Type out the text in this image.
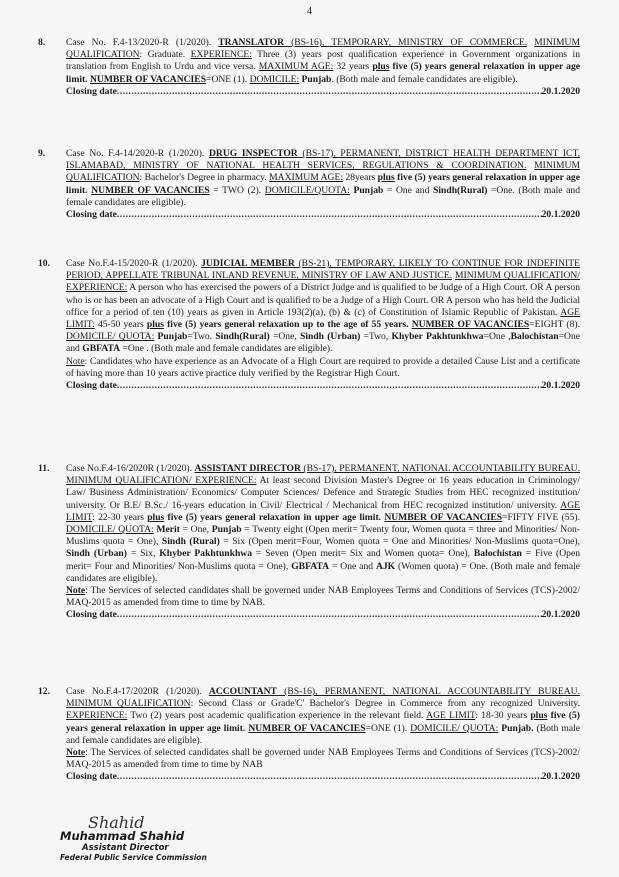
4
8. Case No. F.4-13/2020-R (1/2020). TRANSLATOR (BS-16), TEMPORARY, MINISTRY OF COMMERCE. MINIMUM QUALIFICATION: Graduate. EXPERIENCE: Three (3) years post qualification experience in Government organizations in translation from English to Urdu and vice versa. MAXIMUM AGE: 32 years plus five (5) years general relaxation in upper age limit. NUMBER OF VACANCIES=ONE (1). DOMICILE: Punjab. (Both male and female candidates are eligible).

Closing date .....	20.1.2020
9. Case No. F.4-14/2020-R (1/2020). DRUG INSPECTOR (BS-17), PERMANENT, DISTRICT HEALTH DEPARTMENT ICT, ISLAMABAD, MINISTRY OF NATIONAL HEALTH SERVICES, REGULATIONS & COORDINATION. MINIMUM QUALIFICATION: Bachelor's Degree in pharmacy. MAXIMUM AGE: 28years plus five (5) years general relaxation in upper age limit. NUMBER OF VACANCIES = TWO (2). DOMICILE/QUOTA: Punjab = One and Sindh(Rural) =One. (Both male and female candidates are eligible).

Closing date .....	20.1.2020
10. Case No.F.4-15/2020-R (1/2020). JUDICIAL MEMBER (BS-21), TEMPORARY, LIKELY TO CONTINUE FOR INDEFINITE PERIOD, APPELLATE TRIBUNAL INLAND REVENUE, MINISTRY OF LAW AND JUSTICE. MINIMUM QUALIFICATION/ EXPERIENCE: A person who has exercised the powers of a District Judge and is qualified to be Judge of a High Court. OR A person who is or has been an advocate of a High Court and is qualified to be a Judge of a High Court. OR A person who has held the Judicial office for a period of ten (10) years as given in Article 193(2)(a), (b) & (c) of Constitution of Islamic Republic of Pakistan. AGE LIMIT: 45-50 years plus five (5) years general relaxation up to the age of 55 years. NUMBER OF VACANCIES=EIGHT (8). DOMICILE/ QUOTA: Punjab=Two. Sindh(Rural) =One, Sindh (Urban) =Two, Khyber Pakhtunkhwa=One ,Balochistan=One and GBFATA =One . (Both male and female candidates are eligible).

Note: Candidates who have experience as an Advocate of a High Court are required to provide a detailed Cause List and a certificate of having more than 10 years active practice duly verified by the Registrar High Court.

Closing date .....	20.1.2020
11. Case No.F.4-16/2020R (1/2020). ASSISTANT DIRECTOR (BS-17), PERMANENT, NATIONAL ACCOUNTABILITY BUREAU. MINIMUM QUALIFICATION/ EXPERIENCE: At least second Division Master's Degree or 16 years education in Criminology/ Law/ Business Administration/ Economics/ Computer Sciences/ Defence and Strategic Studies from HEC recognized institution/ university. Or B.E/ B.Sc./ 16-years education in Civil/ Electrical / Mechanical from HEC recognized institution/ university. AGE LIMIT: 22-30 years plus five (5) years general relaxation in upper age limit. NUMBER OF VACANCIES=FIFTY FIVE (55). DOMICILE/ QUOTA: Merit = One, Punjab = Twenty eight (Open merit= Twenty four, Women quota = three and Minorities/ Non-Muslims quota = One), Sindh (Rural) = Six (Open merit=Four, Women quota = One and Minorities/ Non-Muslims quota=One), Sindh (Urban) = Six, Khyber Pakhtunkhwa = Seven (Open merit= Six and Women quota= One), Balochistan = Five (Open merit= Four and Minorities/ Non-Muslims quota = One), GBFATA = One and AJK (Women quota) = One. (Both male and female candidates are eligible).

Note: The Services of selected candidates shall be governed under NAB Employees Terms and Conditions of Services (TCS)-2002/ MAQ-2015 as amended from time to time by NAB.

Closing date .....	20.1.2020
12. Case No.F.4-17/2020R (1/2020). ACCOUNTANT (BS-16), PERMANENT, NATIONAL ACCOUNTABILITY BUREAU. MINIMUM QUALIFICATION: Second Class or Grade'C' Bachelor's Degree in Commerce from any recognized University. EXPERIENCE: Two (2) years post academic qualification experience in the relevant field. AGE LIMIT: 18-30 years plus five (5) years general relaxation in upper age limit. NUMBER OF VACANCIES=ONE (1). DOMICILE/ QUOTA: Punjab. (Both male and female candidates are eligible).

Note: The Services of selected candidates shall be governed under NAB Employees Terms and Conditions of Services (TCS)-2002/ MAQ-2015 as amended from time to time by NAB

Closing date .....	20.1.2020
Shahid
Muhammad Shahid
Assistant Director
Federal Public Service Commission
